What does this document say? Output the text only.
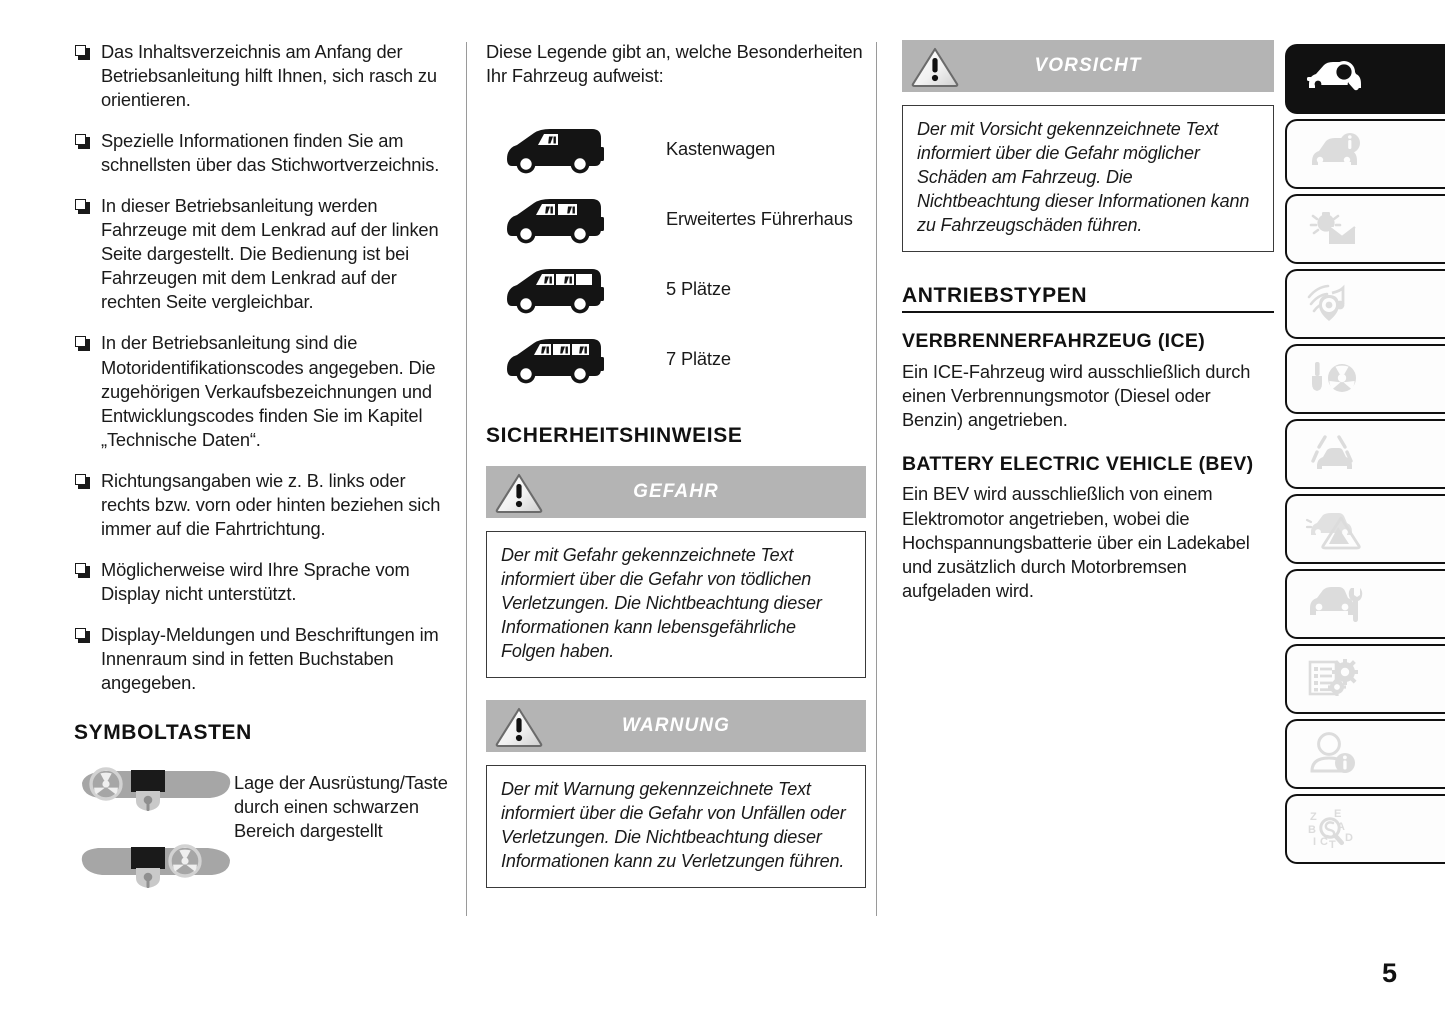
Das Inhaltsverzeichnis am Anfang der Betriebsanleitung hilft Ihnen, sich rasch zu orientieren.
Spezielle Informationen finden Sie am schnellsten über das Stichwortverzeichnis.
In dieser Betriebsanleitung werden Fahrzeuge mit dem Lenkrad auf der linken Seite dargestellt. Die Bedienung ist bei Fahrzeugen mit dem Lenkrad auf der rechten Seite vergleichbar.
In der Betriebsanleitung sind die Motoridentifikationscodes angegeben. Die zugehörigen Verkaufsbezeichnungen und Entwicklungscodes finden Sie im Kapitel „Technische Daten“.
Richtungsangaben wie z. B. links oder rechts bzw. vorn oder hinten beziehen sich immer auf die Fahrtrichtung.
Möglicherweise wird Ihre Sprache vom Display nicht unterstützt.
Display-Meldungen und Beschriftungen im Innenraum sind in fetten Buchstaben angegeben.
SYMBOLTASTEN

Lage der Ausrüstung/Taste durch einen schwarzen Bereich dargestellt
Diese Legende gibt an, welche Besonderheiten Ihr Fahrzeug aufweist:
Kastenwagen
Erweitertes Führerhaus
5 Plätze
7 Plätze
SICHERHEITSHINWEISE
GEFAHR
Der mit Gefahr gekennzeichnete Text informiert über die Gefahr von tödlichen Verletzungen. Die Nichtbeachtung dieser Informationen kann lebensgefährliche Folgen haben.
WARNUNG
Der mit Warnung gekennzeichnete Text informiert über die Gefahr von Unfällen oder Verletzungen. Die Nichtbeachtung dieser Informationen kann zu Verletzungen führen.
VORSICHT
Der mit Vorsicht gekennzeichnete Text informiert über die Gefahr möglicher Schäden am Fahrzeug. Die Nichtbeachtung dieser Informationen kann zu Fahrzeugschäden führen.
ANTRIEBSTYPEN
VERBRENNERFAHRZEUG (ICE)

Ein ICE-Fahrzeug wird ausschließlich durch einen Verbrennungsmotor (Diesel oder Benzin) angetrieben.

BATTERY ELECTRIC VEHICLE (BEV)

Ein BEV wird ausschließlich von einem Elektromotor angetrieben, wobei die Hochspannungsbatterie über ein Ladekabel und zusätzlich durch Motorbremsen aufgeladen wird.

Z
B
I C T
E
A
D
5
